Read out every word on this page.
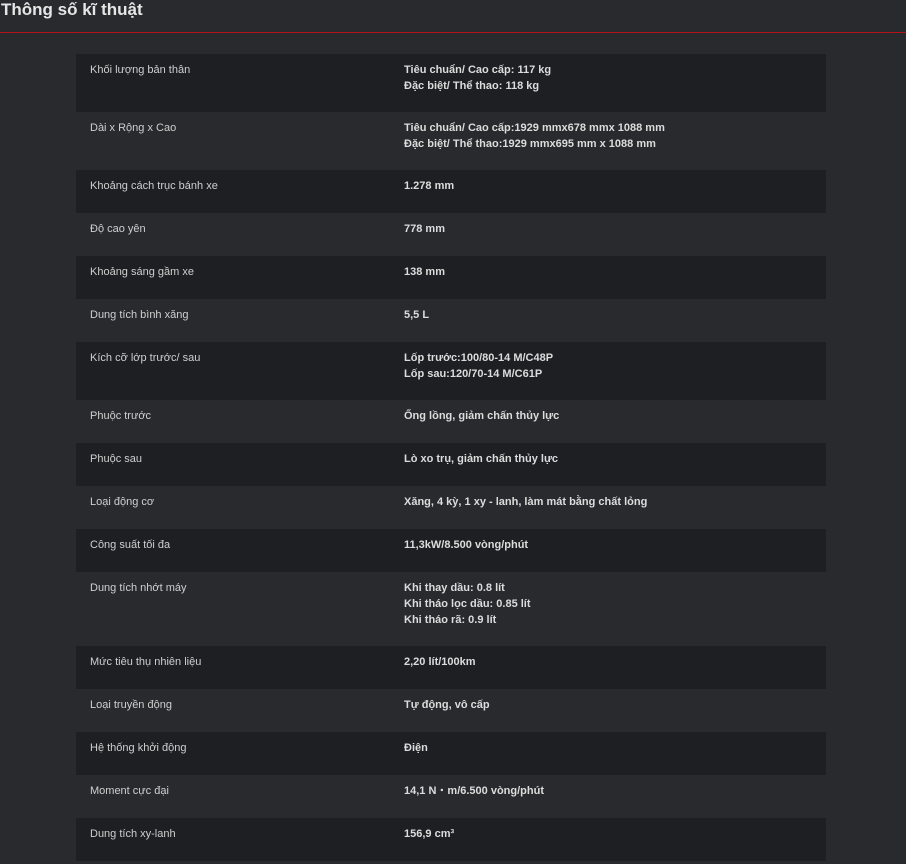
Thông số kĩ thuật
Khối lượng bản thân	Tiêu chuẩn/ Cao cấp: 117 kg
Đặc biệt/ Thể thao: 118 kg
Dài x Rộng x Cao	Tiêu chuẩn/ Cao cấp:1929 mmx678 mmx 1088 mm
Đặc biệt/ Thể thao:1929 mmx695 mm x 1088 mm
Khoảng cách trục bánh xe	1.278 mm
Độ cao yên	778 mm
Khoảng sáng gầm xe	138 mm
Dung tích bình xăng	5,5 L
Kích cỡ lớp trước/ sau	Lốp trước:100/80-14 M/C48P
Lốp sau:120/70-14 M/C61P
Phuộc trước	Ống lồng, giảm chấn thủy lực
Phuộc sau	Lò xo trụ, giảm chấn thủy lực
Loại động cơ	Xăng, 4 kỳ, 1 xy - lanh, làm mát bằng chất lỏng
Công suất tối đa	11,3kW/8.500 vòng/phút
Dung tích nhớt máy	Khi thay dầu: 0.8 lít
Khi tháo lọc dầu: 0.85 lít
Khi tháo rã: 0.9 lít
Mức tiêu thụ nhiên liệu	2,20 lít/100km
Loại truyền động	Tự động, vô cấp
Hệ thống khởi động	Điện
Moment cực đại	14,1 N・m/6.500 vòng/phút
Dung tích xy-lanh	156,9 cm³
